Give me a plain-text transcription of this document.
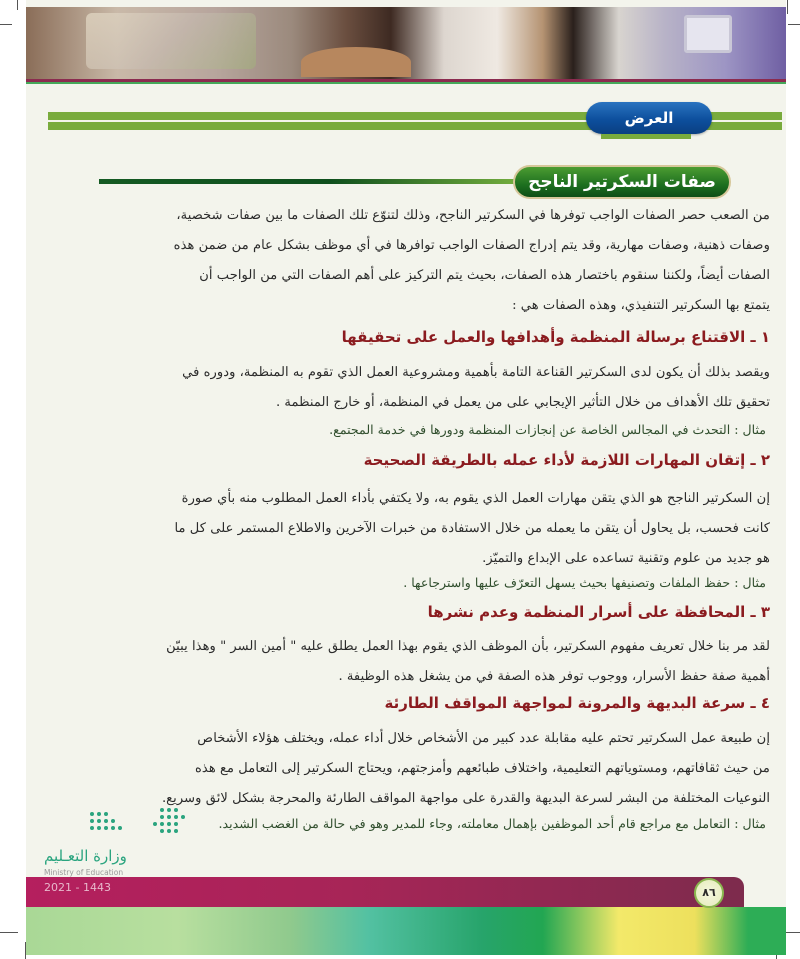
العرض
صفات السكرتير الناجح
من الصعب حصر الصفات الواجب توفرها في السكرتير الناجح، وذلك لتنوّع تلك الصفات ما بين صفات شخصية،
وصفات ذهنية، وصفات مهارية، وقد يتم إدراج الصفات الواجب توافرها في أي موظف بشكل عام من ضمن هذه
الصفات أيضاً، ولكننا سنقوم باختصار هذه الصفات، بحيث يتم التركيز على أهم الصفات التي من الواجب أن
يتمتع بها السكرتير التنفيذي، وهذه الصفات هي :
١ ـ الاقتناع برسالة المنظمة وأهدافها والعمل على تحقيقها
ويقصد بذلك أن يكون لدى السكرتير القناعة التامة بأهمية ومشروعية العمل الذي تقوم به المنظمة، ودوره في
تحقيق تلك الأهداف من خلال التأثير الإيجابي على من يعمل في المنظمة، أو خارج المنظمة .
مثال : التحدث في المجالس الخاصة عن إنجازات المنظمة ودورها في خدمة المجتمع.
٢ ـ إتقان المهارات اللازمة لأداء عمله بالطريقة الصحيحة
إن السكرتير الناجح هو الذي يتقن مهارات العمل الذي يقوم به، ولا يكتفي بأداء العمل المطلوب منه بأي صورة
كانت فحسب، بل يحاول أن يتقن ما يعمله من خلال الاستفادة من خبرات الآخرين والاطلاع المستمر على كل ما
هو جديد من علوم وتقنية تساعده على الإبداع والتميّز.
مثال : حفظ الملفات وتصنيفها بحيث يسهل التعرّف عليها واسترجاعها .
٣ ـ المحافظة على أسرار المنظمة وعدم نشرها
لقد مر بنا خلال تعريف مفهوم السكرتير، بأن الموظف الذي يقوم بهذا العمل يطلق عليه " أمين السر " وهذا يبيّن
أهمية صفة حفظ الأسرار، ووجوب توفر هذه الصفة في من يشغل هذه الوظيفة .
٤ ـ سرعة البديهة والمرونة لمواجهة المواقف الطارئة
إن طبيعة عمل السكرتير تحتم عليه مقابلة عدد كبير من الأشخاص خلال أداء عمله، ويختلف هؤلاء الأشخاص
من حيث ثقافاتهم، ومستوياتهم التعليمية، واختلاف طبائعهم وأمزجتهم، ويحتاج السكرتير إلى التعامل مع هذه
النوعيات المختلفة من البشر لسرعة البديهة والقدرة على مواجهة المواقف الطارئة والمحرجة بشكل لائق وسريع.
مثال : التعامل مع مراجع قام أحد الموظفين بإهمال معاملته، وجاء للمدير وهو في حالة من الغضب الشديد.
وزارة التعـليم
Ministry of Education
2021 - 1443	٨٦
